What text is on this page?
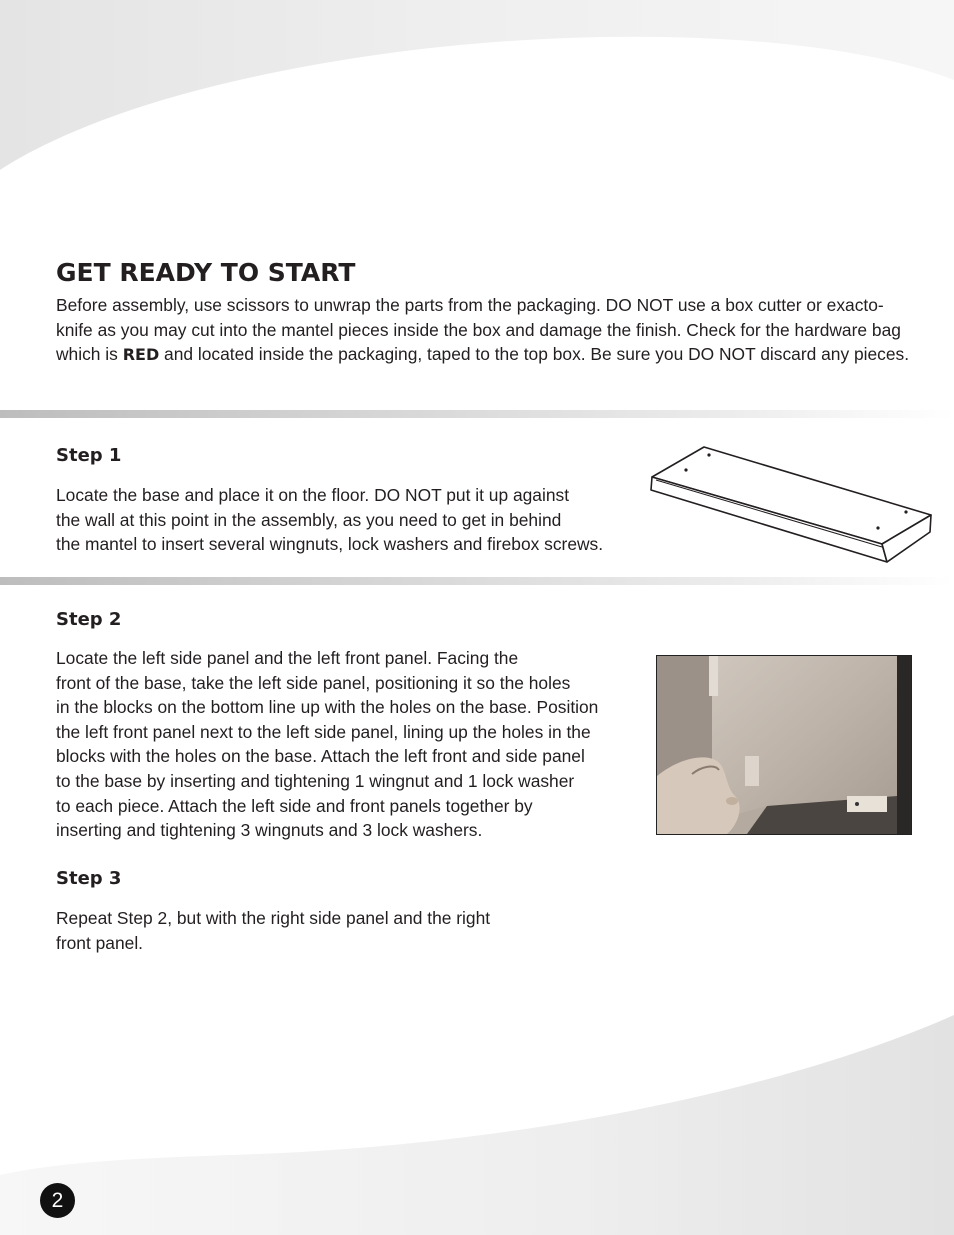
GET READY TO START

Before assembly, use scissors to unwrap the parts from the packaging. DO NOT use a box cutter or exacto-knife as you may cut into the mantel pieces inside the box and damage the finish. Check for the hardware bag which is RED and located inside the packaging, taped to the top box. Be sure you DO NOT discard any pieces.

Step 1
Locate the base and place it on the floor. DO NOT put it up against
the wall at this point in the assembly, as you need to get in behind
the mantel to insert several wingnuts, lock washers and firebox screws.
Step 2
Locate the left side panel and the left front panel. Facing the
front of the base, take the left side panel, positioning it so the holes
in the blocks on the bottom line up with the holes on the base. Position
the left front panel next to the left side panel, lining up the holes in the
blocks with the holes on the base. Attach the left front and side panel
to the base by inserting and tightening 1 wingnut and 1 lock washer
to each piece. Attach the left side and front panels together by
inserting and tightening 3 wingnuts and 3 lock washers.
Step 3
Repeat Step 2, but with the right side panel and the right
front panel.
2
